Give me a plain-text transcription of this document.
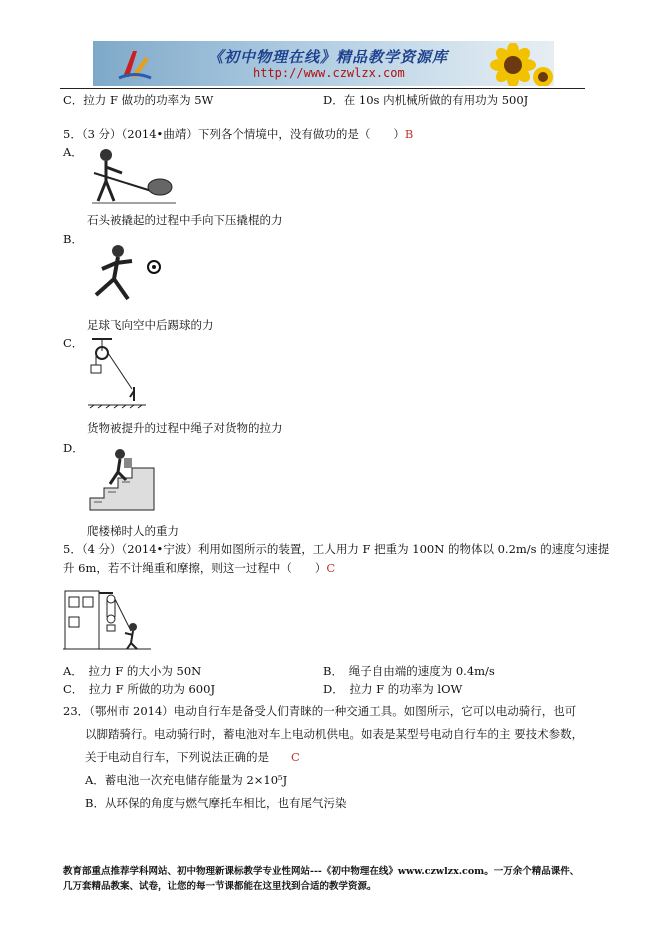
《初中物理在线》精品教学资源库
http://www.czwlzx.com
C．拉力 F 做功的功率为 5W	D．在 10s 内机械所做的有用功为 500J
5．（3 分）（2014•曲靖）下列各个情境中，没有做功的是（　　）B
A．
石头被撬起的过程中手向下压撬棍的力
B．
足球飞向空中后踢球的力
C．
货物被提升的过程中绳子对货物的拉力
D．
爬楼梯时人的重力
5．（4 分）（2014•宁波）利用如图所示的装置，工人用力 F 把重为 100N 的物体以 0.2m/s 的速度匀速提
升 6m，若不计绳重和摩擦，则这一过程中（　　）C
A．　拉力 F 的大小为 50N	B．　绳子自由端的速度为 0.4m/s
C．　拉力 F 所做的功为 600J	D．　拉力 F 的功率为 lOW
23．（鄂州市 2014）电动自行车是备受人们青睐的一种交通工具。如图所示，它可以电动骑行，也可
以脚踏骑行。电动骑行时，蓄电池对车上电动机供电。如表是某型号电动自行车的主 要技术参数，
关于电动自行车，下列说法正确的是 C
A．蓄电池一次充电储存能量为 2×10⁵J
B．从环保的角度与燃气摩托车相比，也有尾气污染
教育部重点推荐学科网站、初中物理新课标教学专业性网站---《初中物理在线》www.czwlzx.com。一万余个精品课件、
几万套精品教案、试卷，让您的每一节课都能在这里找到合适的教学资源。
